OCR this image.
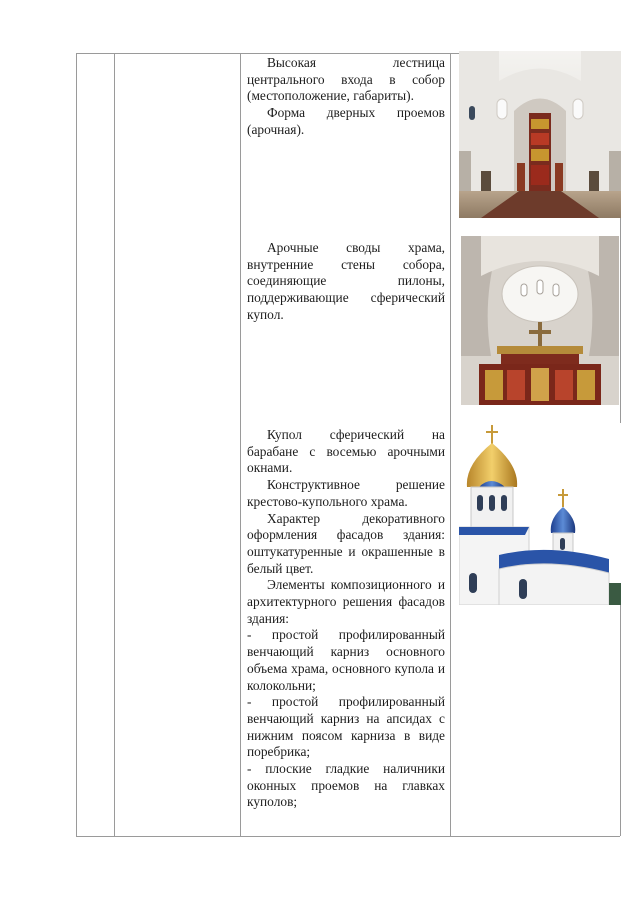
Высокая лестница центрального входа в собор (местоположение, габариты).

Форма дверных проемов (арочная).

Арочные своды храма, внутренние стены собора, соединяющие пилоны, поддерживающие сферический купол.

Купол сферический на барабане с восемью арочными окнами.

Конструктивное решение крестово-купольного храма.

Характер декоративного оформления фасадов здания: оштукатуренные и окрашенные в белый цвет.

Элементы композиционного и архитектурного решения фасадов здания:

- простой профилированный венчающий карниз основного объема храма, основного купола и колокольни;

- простой профилированный венчающий карниз на апсидах с нижним поясом карниза в виде поребрика;

- плоские гладкие наличники оконных проемов на главках куполов;
